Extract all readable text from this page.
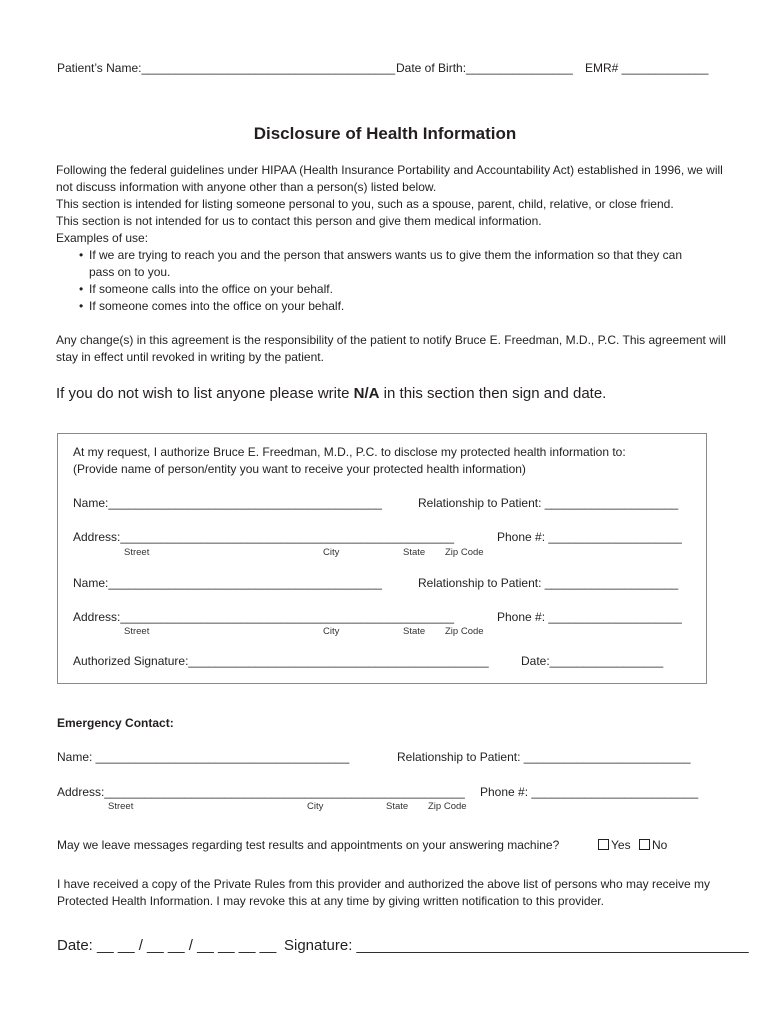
Patient’s Name:______________________________________ Date of Birth:________________ EMR# _____________
Disclosure of Health Information

Following the federal guidelines under HIPAA (Health Insurance Portability and Accountability Act) established in 1996, we will not discuss information with anyone other than a person(s) listed below.

This section is intended for listing someone personal to you, such as a spouse, parent, child, relative, or close friend.

This section is not intended for us to contact this person and give them medical information.

Examples of use:

• If we are trying to reach you and the person that answers wants us to give them the information so that they can pass on to you.
• If someone calls into the office on your behalf.
• If someone comes into the office on your behalf.

Any change(s) in this agreement is the responsibility of the patient to notify Bruce E. Freedman, M.D., P.C. This agreement will stay in effect until revoked in writing by the patient.

If you do not wish to list anyone please write N/A in this section then sign and date.
At my request, I authorize Bruce E. Freedman, M.D., P.C. to disclose my protected health information to:
(Provide name of person/entity you want to receive your protected health information)
Name:_________________________________________	Relationship to Patient: ____________________
Address:__________________________________________________	Phone #: ____________________
Street	City	State Zip Code
Name:_________________________________________	Relationship to Patient: ____________________
Address:__________________________________________________	Phone #: ____________________
Street	City	State Zip Code
Authorized Signature:_____________________________________________	Date:_________________
Emergency Contact:
Name: ______________________________________	Relationship to Patient: _________________________
Address:______________________________________________________ Phone #: _________________________
Street	City	State Zip Code
May we leave messages regarding test results and appointments on your answering machine?	Yes	No
I have received a copy of the Private Rules from this provider and authorized the above list of persons who may receive my Protected Health Information. I may revoke this at any time by giving written notification to this provider.
Date: __ __ / __ __ / __ __ __ __ Signature: _______________________________________________
